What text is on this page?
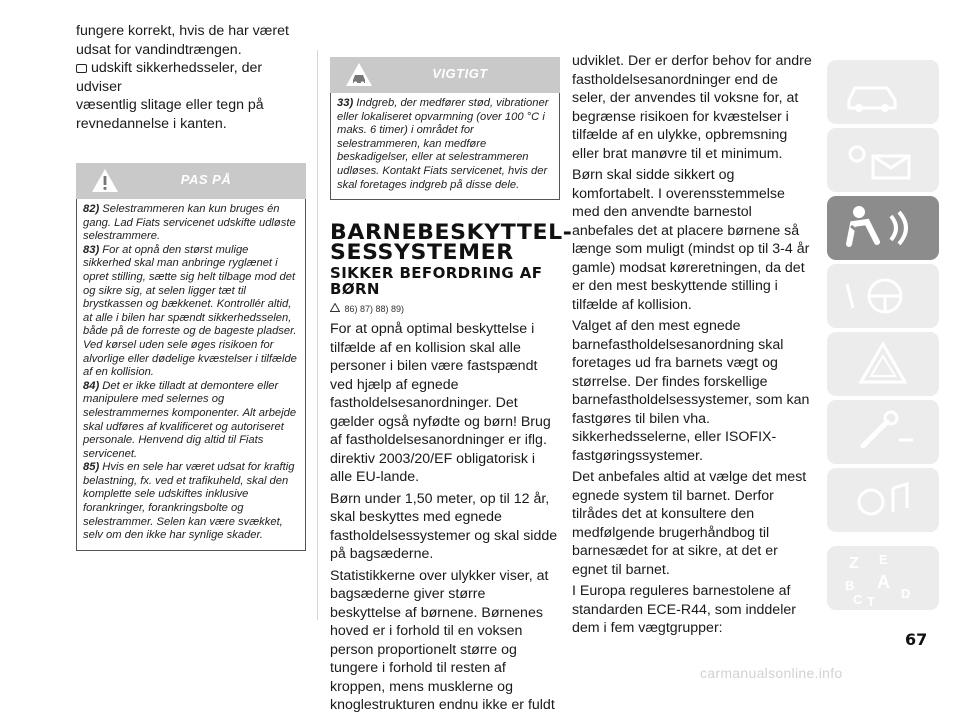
fungere korrekt, hvis de har været
udsat for vandindtrængen.
udskift sikkerhedsseler, der udviser
væsentlig slitage eller tegn på
revnedannelse i kanten.
PAS PÅ

82) Selestrammeren kan kun bruges én gang. Lad Fiats servicenet udskifte udløste selestrammere.

83) For at opnå den størst mulige sikkerhed skal man anbringe ryglænet i opret stilling, sætte sig helt tilbage mod det og sikre sig, at selen ligger tæt til brystkassen og bækkenet. Kontrollér altid, at alle i bilen har spændt sikkerhedsselen, både på de forreste og de bageste pladser. Ved kørsel uden sele øges risikoen for alvorlige eller dødelige kvæstelser i tilfælde af en kollision.

84) Det er ikke tilladt at demontere eller manipulere med selernes og selestrammernes komponenter. Alt arbejde skal udføres af kvalificeret og autoriseret personale. Henvend dig altid til Fiats servicenet.

85) Hvis en sele har været udsat for kraftig belastning, fx. ved et trafikuheld, skal den komplette sele udskiftes inklusive forankringer, forankringsbolte og selestrammer. Selen kan være svækket, selv om den ikke har synlige skader.

VIGTIGT

33) Indgreb, der medfører stød, vibrationer eller lokaliseret opvarmning (over 100 °C i maks. 6 timer) i området for selestrammeren, kan medføre beskadigelser, eller at selestrammeren udløses. Kontakt Fiats servicenet, hvis der skal foretages indgreb på disse dele.

BARNEBESKYTTEL-
SESSYSTEMER
SIKKER BEFORDRING AF
BØRN
86) 87) 88) 89)

For at opnå optimal beskyttelse i tilfælde af en kollision skal alle personer i bilen være fastspændt ved hjælp af egnede fastholdelsesanordninger. Det gælder også nyfødte og børn! Brug af fastholdelsesanordninger er iflg. direktiv 2003/20/EF obligatorisk i alle EU-lande.

Børn under 1,50 meter, op til 12 år, skal beskyttes med egnede fastholdelsessystemer og skal sidde på bagsæderne.

Statistikkerne over ulykker viser, at bagsæderne giver større beskyttelse af børnene. Børnenes hoved er i forhold til en voksen person proportionelt større og tungere i forhold til resten af kroppen, mens musklerne og knoglestrukturen endnu ikke er fuldt

udviklet. Der er derfor behov for andre fastholdelsesanordninger end de seler, der anvendes til voksne for, at begrænse risikoen for kvæstelser i tilfælde af en ulykke, opbremsning eller brat manøvre til et minimum.

Børn skal sidde sikkert og komfortabelt. I overensstemmelse med den anvendte barnestol anbefales det at placere børnene så længe som muligt (mindst op til 3-4 år gamle) modsat køreretningen, da det er den mest beskyttende stilling i tilfælde af kollision.

Valget af den mest egnede barnefastholdelsesanordning skal foretages ud fra barnets vægt og størrelse. Der findes forskellige barnefastholdelsessystemer, som kan fastgøres til bilen vha. sikkerhedsselerne, eller ISOFIX-fastgøringssystemer.

Det anbefales altid at vælge det mest egnede system til barnet. Derfor tilrådes det at konsultere den medfølgende brugerhåndbog til barnesædet for at sikre, at det er egnet til barnet.

I Europa reguleres barnestolene af standarden ECE-R44, som inddeler dem i fem vægtgrupper:

Z E
B A
C T
D
67
carmanualsonline.info
